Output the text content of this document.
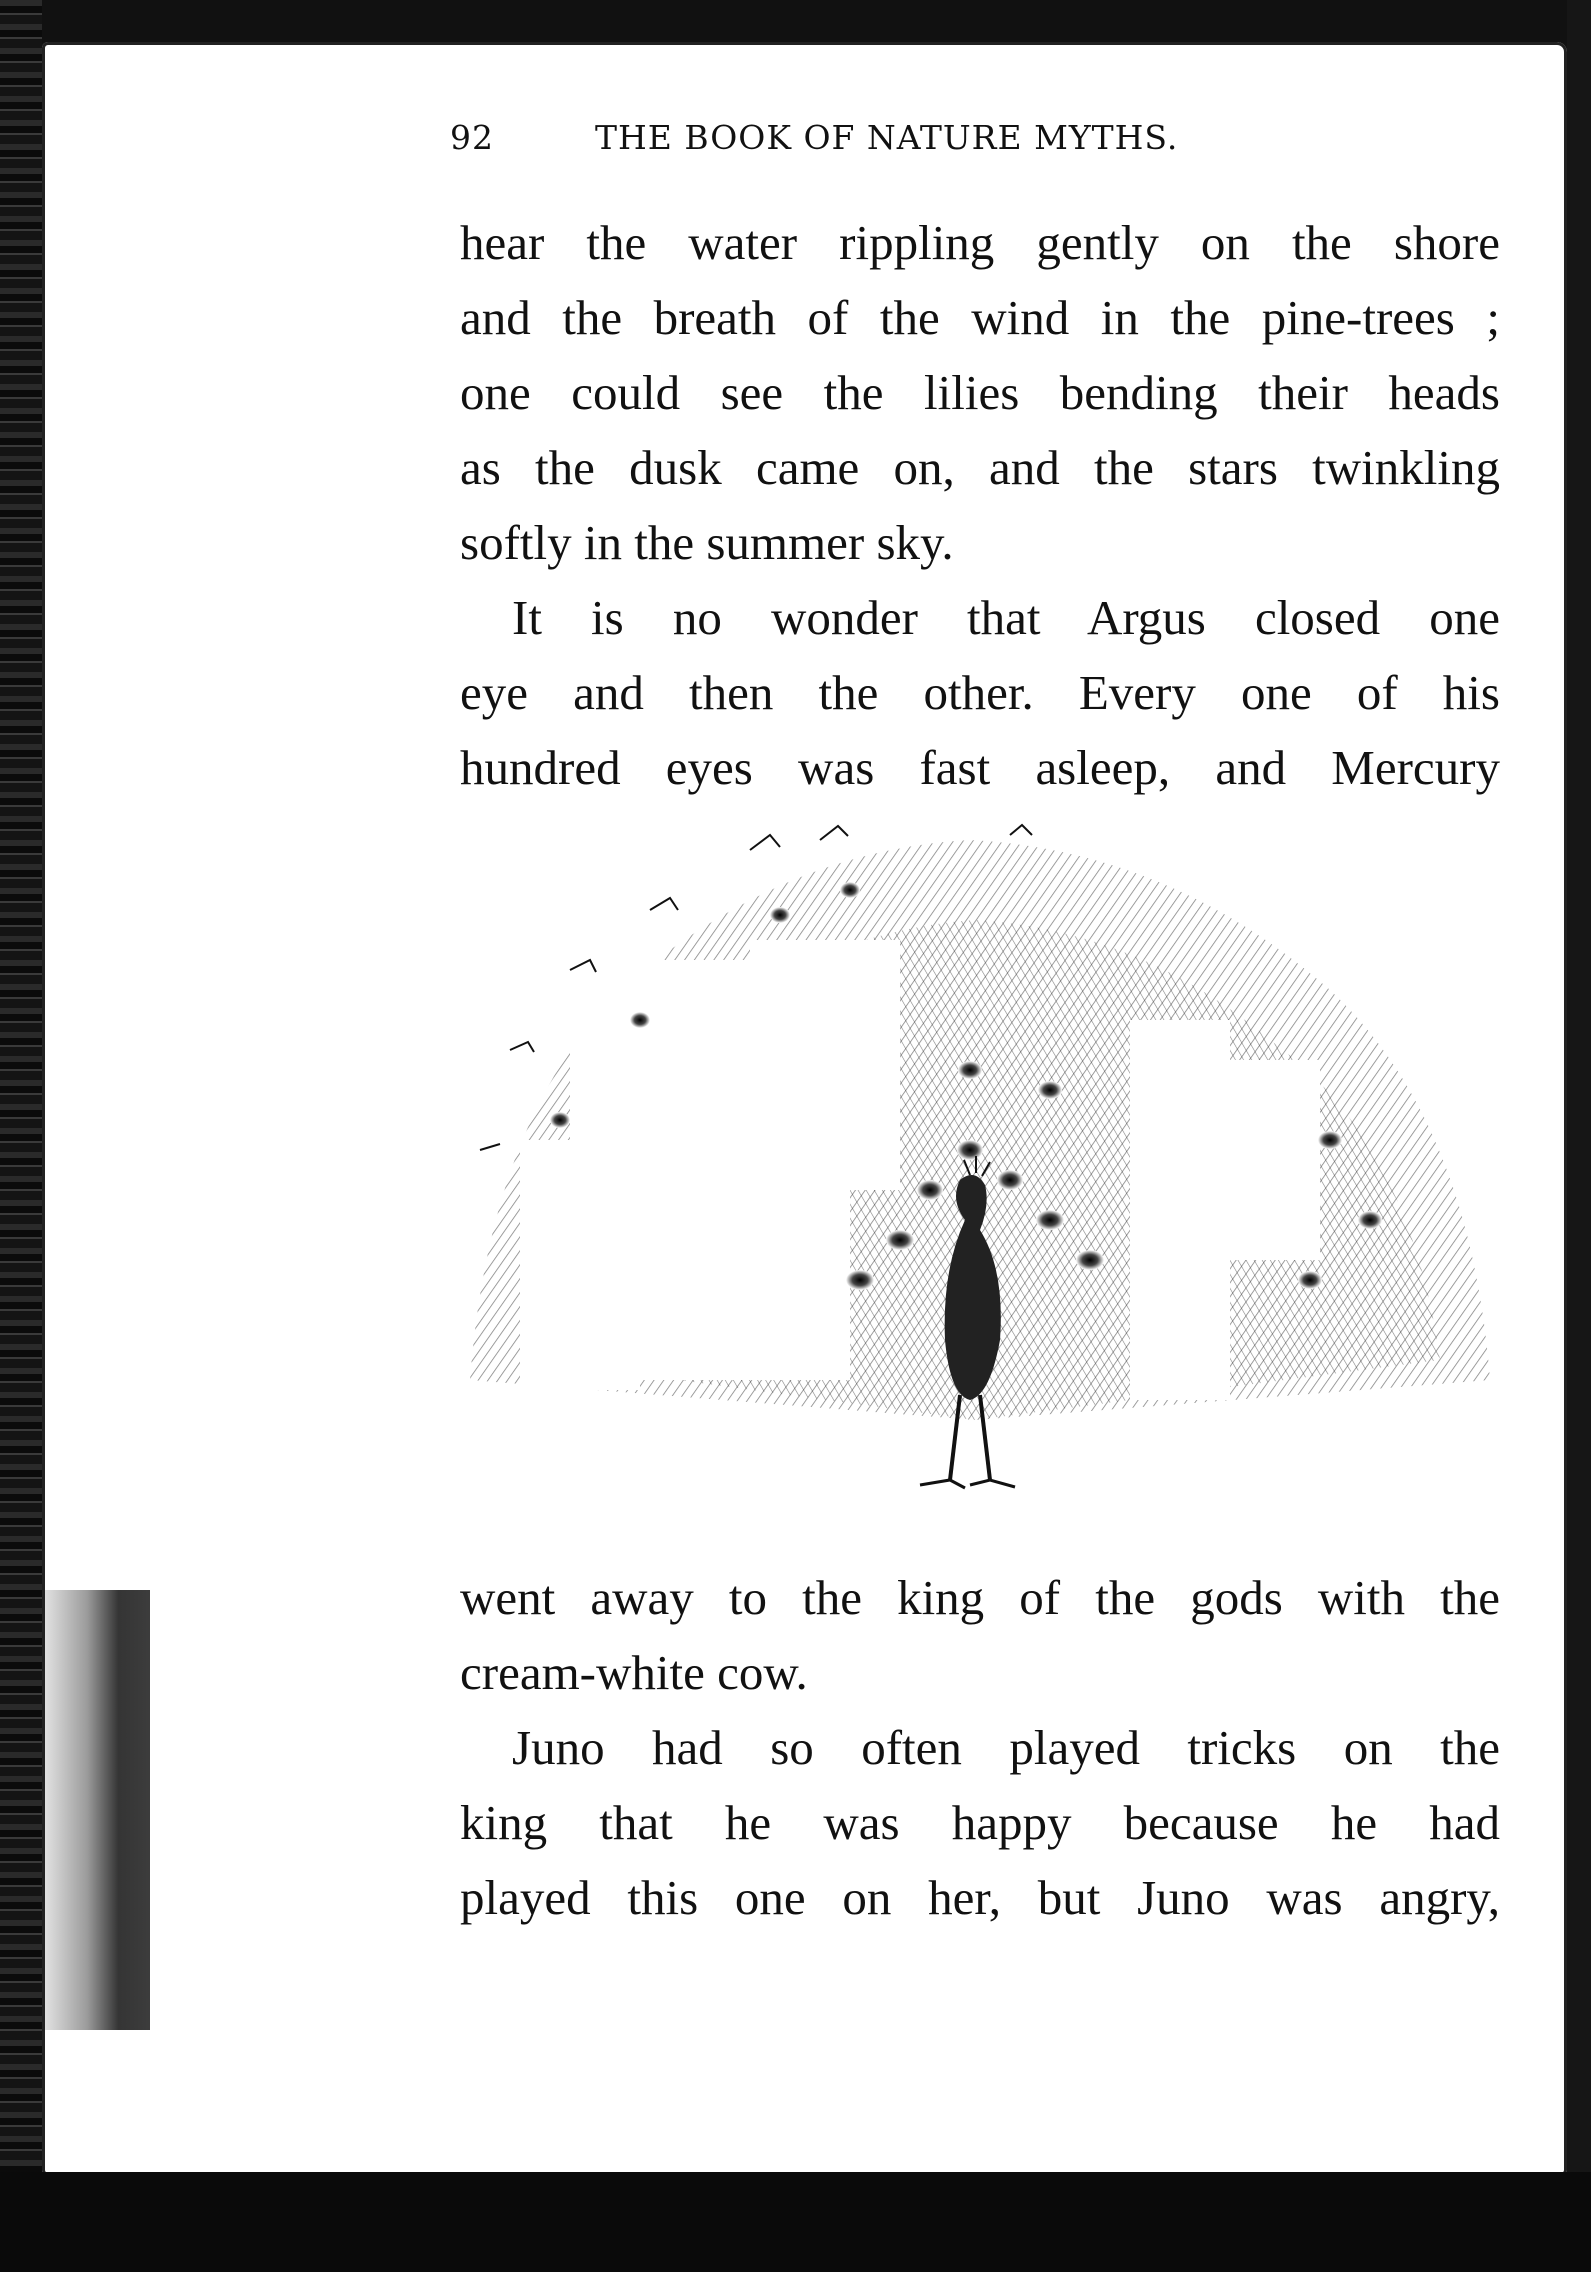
92	THE BOOK OF NATURE MYTHS.
hear the water rippling gently on the shore
and the breath of the wind in the pine-trees ;
one could see the lilies bending their heads
as the dusk came on, and the stars twinkling
softly in the summer sky.
It is no wonder that Argus closed one
eye and then the other. Every one of his
hundred eyes was fast asleep, and Mercury
went away to the king of the gods with the
cream-white cow.
Juno had so often played tricks on the
king that he was happy because he had
played this one on her, but Juno was angry,
